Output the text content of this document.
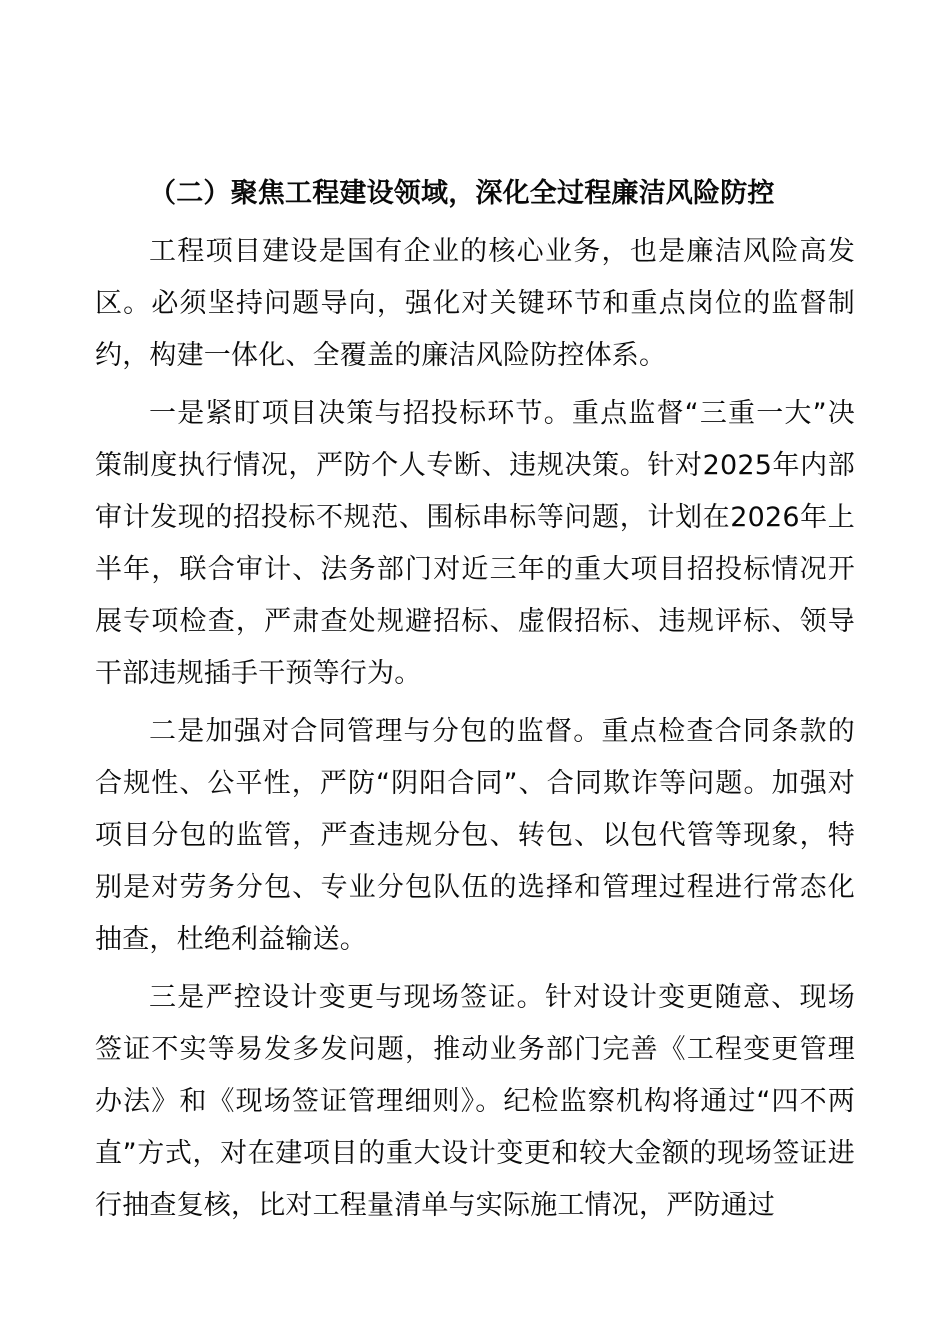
（二）聚焦工程建设领域，深化全过程廉洁风险防控

工程项目建设是国有企业的核心业务，也是廉洁风险高发区。必须坚持问题导向，强化对关键环节和重点岗位的监督制约，构建一体化、全覆盖的廉洁风险防控体系。

一是紧盯项目决策与招投标环节。重点监督“三重一大”决策制度执行情况，严防个人专断、违规决策。针对2025年内部审计发现的招投标不规范、围标串标等问题，计划在2026年上半年，联合审计、法务部门对近三年的重大项目招投标情况开展专项检查，严肃查处规避招标、虚假招标、违规评标、领导干部违规插手干预等行为。

二是加强对合同管理与分包的监督。重点检查合同条款的合规性、公平性，严防“阴阳合同”、合同欺诈等问题。加强对项目分包的监管，严查违规分包、转包、以包代管等现象，特别是对劳务分包、专业分包队伍的选择和管理过程进行常态化抽查，杜绝利益输送。

三是严控设计变更与现场签证。针对设计变更随意、现场签证不实等易发多发问题，推动业务部门完善《工程变更管理办法》和《现场签证管理细则》。纪检监察机构将通过“四不两直”方式，对在建项目的重大设计变更和较大金额的现场签证进行抽查复核，比对工程量清单与实际施工情况，严防通过
